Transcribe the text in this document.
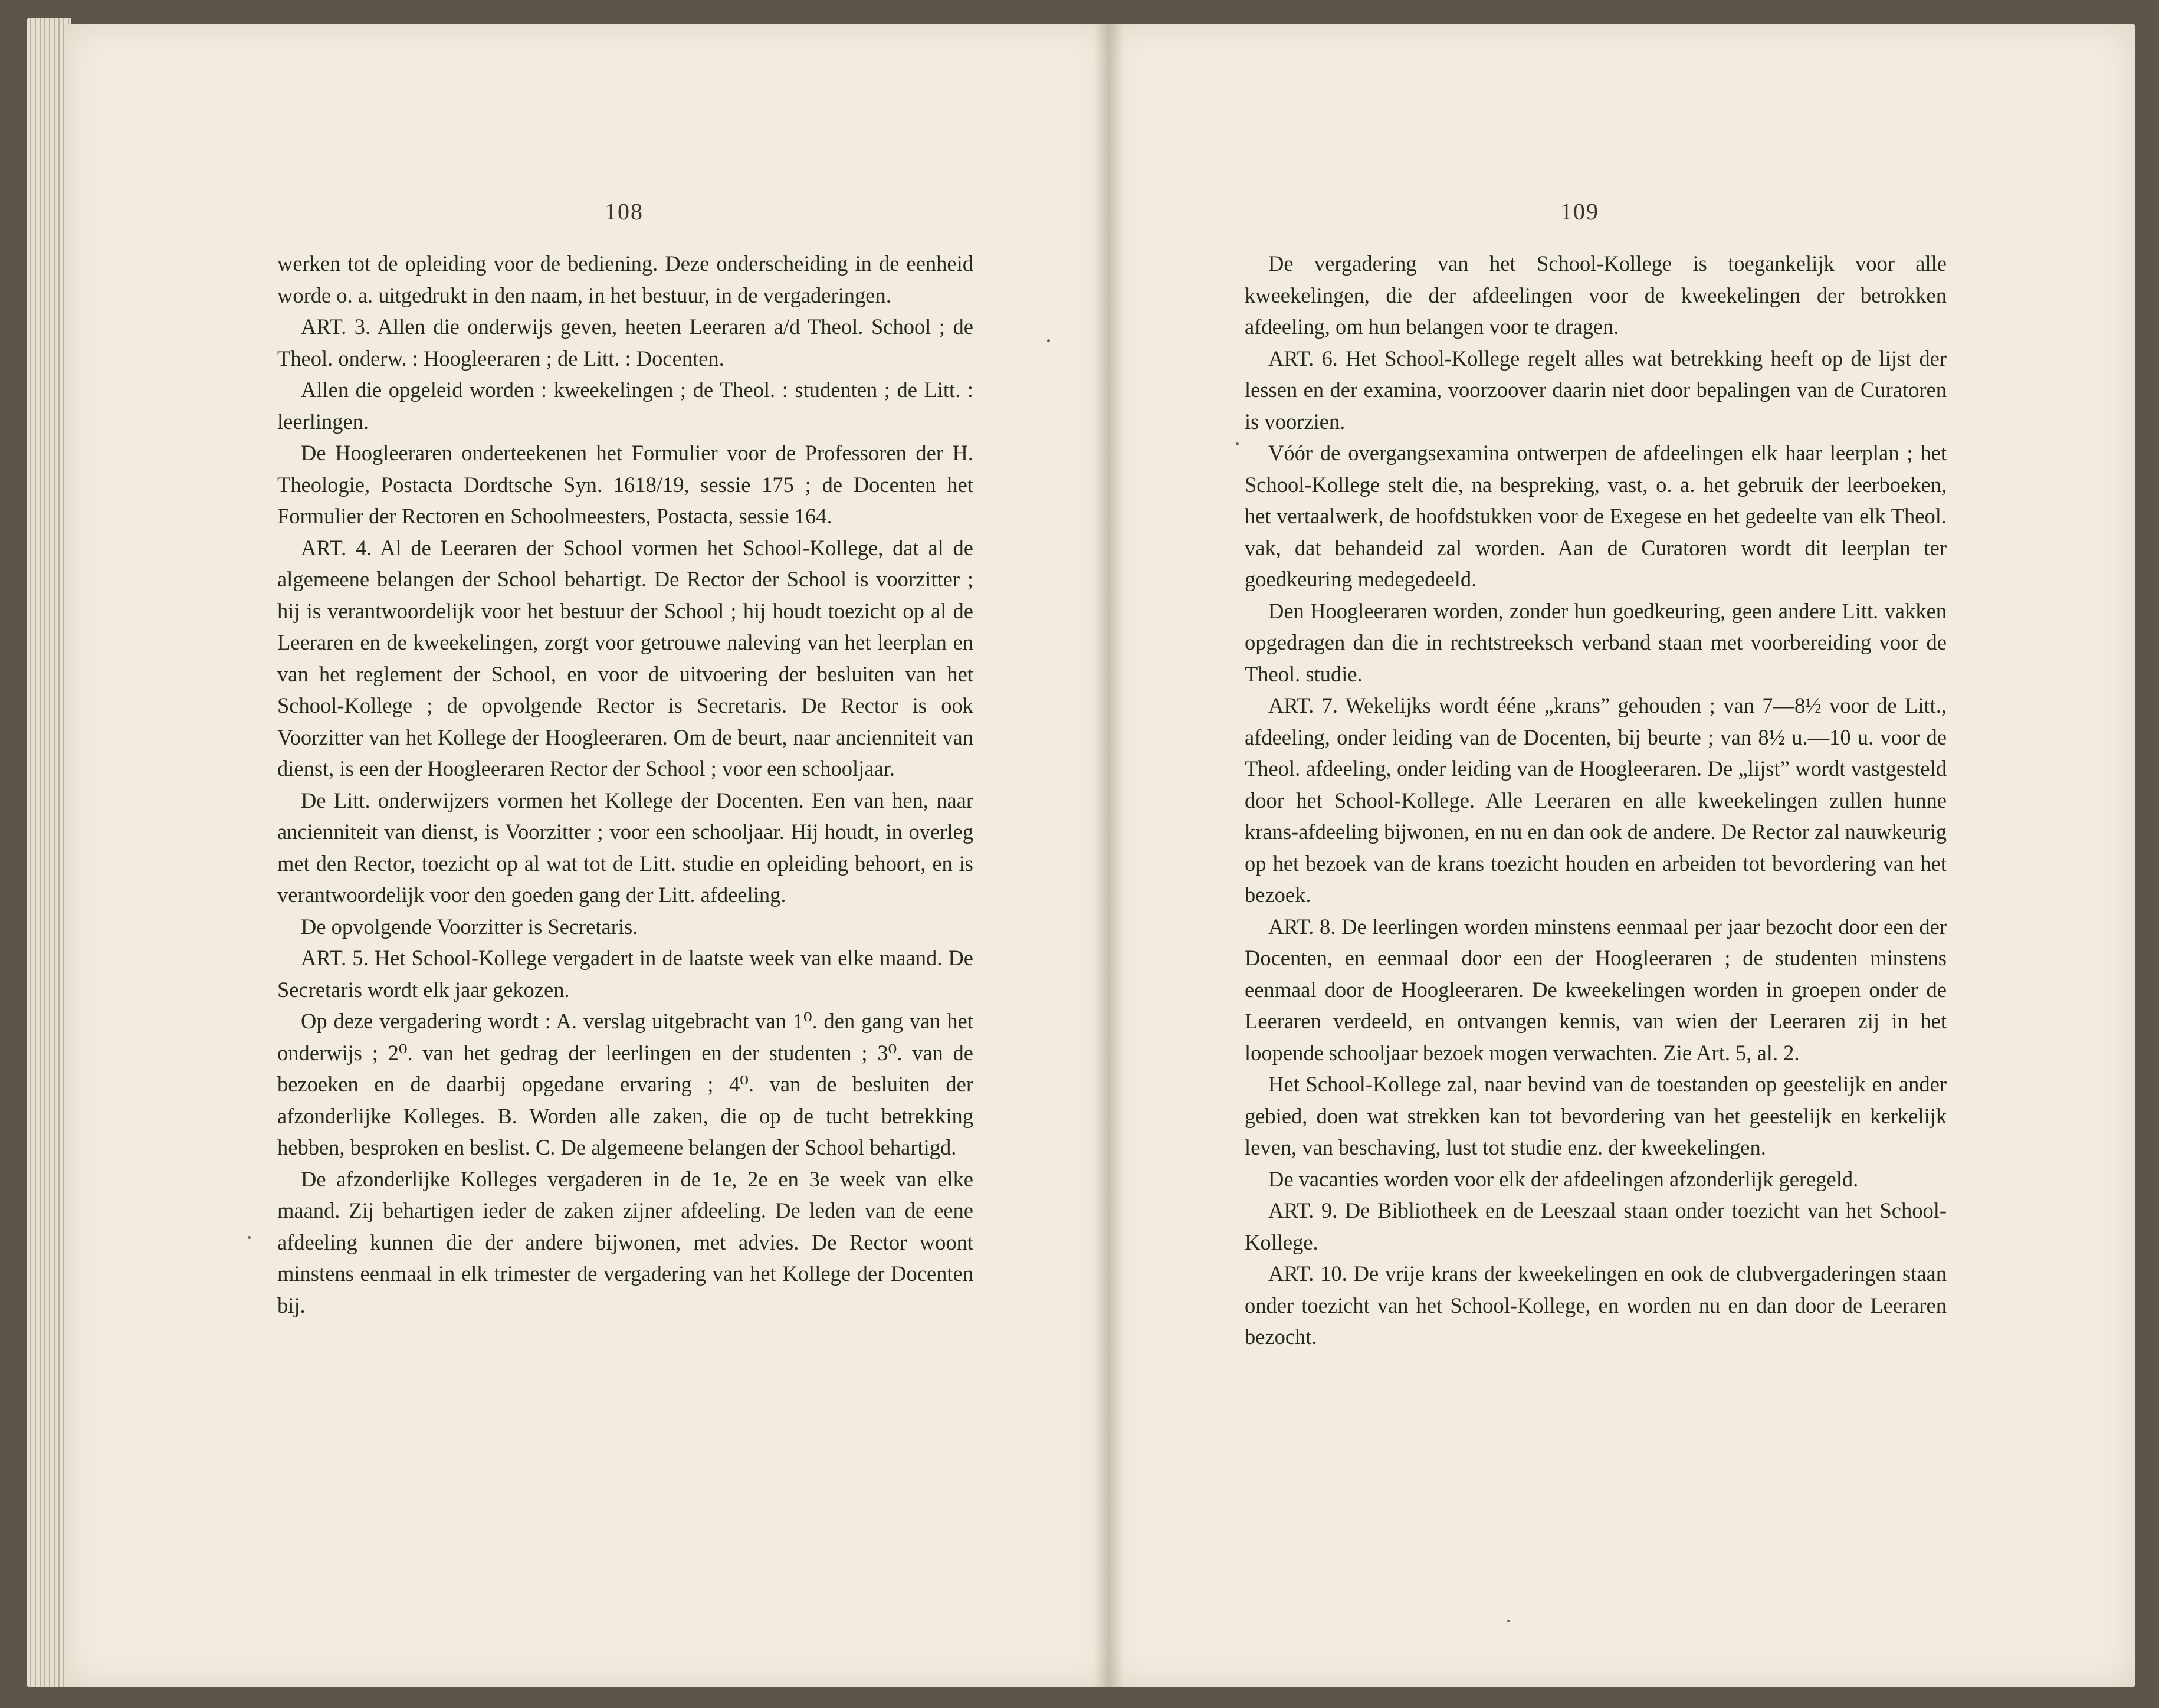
108	109

werken tot de opleiding voor de bediening. Deze onderscheiding in de eenheid worde o. a. uitgedrukt in den naam, in het bestuur, in de vergaderingen.

ART. 3. Allen die onderwijs geven, heeten Leeraren a/d Theol. School ; de Theol. onderw. : Hoogleeraren ; de Litt. : Docenten.

Allen die opgeleid worden : kweekelingen ; de Theol. : studenten ; de Litt. : leerlingen.

De Hoogleeraren onderteekenen het Formulier voor de Professoren der H. Theologie, Postacta Dordtsche Syn. 1618/19, sessie 175 ; de Docenten het Formulier der Rectoren en Schoolmeesters, Postacta, sessie 164.

ART. 4. Al de Leeraren der School vormen het School-Kollege, dat al de algemeene belangen der School behartigt. De Rector der School is voorzitter ; hij is verantwoordelijk voor het bestuur der School ; hij houdt toezicht op al de Leeraren en de kweekelingen, zorgt voor getrouwe naleving van het leerplan en van het reglement der School, en voor de uitvoering der besluiten van het School-Kollege ; de opvolgende Rector is Secretaris. De Rector is ook Voorzitter van het Kollege der Hoogleeraren. Om de beurt, naar ancienniteit van dienst, is een der Hoogleeraren Rector der School ; voor een schooljaar.

De Litt. onderwijzers vormen het Kollege der Docenten. Een van hen, naar ancienniteit van dienst, is Voorzitter ; voor een schooljaar. Hij houdt, in overleg met den Rector, toezicht op al wat tot de Litt. studie en opleiding behoort, en is verantwoordelijk voor den goeden gang der Litt. afdeeling.

De opvolgende Voorzitter is Secretaris.

ART. 5. Het School-Kollege vergadert in de laatste week van elke maand. De Secretaris wordt elk jaar gekozen.

Op deze vergadering wordt : A. verslag uitgebracht van 1⁰. den gang van het onderwijs ; 2⁰. van het gedrag der leerlingen en der studenten ; 3⁰. van de bezoeken en de daarbij opgedane ervaring ; 4⁰. van de besluiten der afzonderlijke Kolleges. B. Worden alle zaken, die op de tucht betrekking hebben, besproken en beslist. C. De algemeene belangen der School behartigd.

De afzonderlijke Kolleges vergaderen in de 1e, 2e en 3e week van elke maand. Zij behartigen ieder de zaken zijner afdeeling. De leden van de eene afdeeling kunnen die der andere bijwonen, met advies. De Rector woont minstens eenmaal in elk trimester de vergadering van het Kollege der Docenten bij.

De vergadering van het School-Kollege is toegankelijk voor alle kweekelingen, die der afdeelingen voor de kweekelingen der betrokken afdeeling, om hun belangen voor te dragen.

ART. 6. Het School-Kollege regelt alles wat betrekking heeft op de lijst der lessen en der examina, voorzoover daarin niet door bepalingen van de Curatoren is voorzien.

Vóór de overgangsexamina ontwerpen de afdeelingen elk haar leerplan ; het School-Kollege stelt die, na bespreking, vast, o. a. het gebruik der leerboeken, het vertaalwerk, de hoofdstukken voor de Exegese en het gedeelte van elk Theol. vak, dat behandeid zal worden. Aan de Curatoren wordt dit leerplan ter goedkeuring medegedeeld.

Den Hoogleeraren worden, zonder hun goedkeuring, geen andere Litt. vakken opgedragen dan die in rechtstreeksch verband staan met voorbereiding voor de Theol. studie.

ART. 7. Wekelijks wordt ééne „krans” gehouden ; van 7—8½ voor de Litt., afdeeling, onder leiding van de Docenten, bij beurte ; van 8½ u.—10 u. voor de Theol. afdeeling, onder leiding van de Hoogleeraren. De „lijst” wordt vastgesteld door het School-Kollege. Alle Leeraren en alle kweekelingen zullen hunne krans-afdeeling bijwonen, en nu en dan ook de andere. De Rector zal nauwkeurig op het bezoek van de krans toezicht houden en arbeiden tot bevordering van het bezoek.

ART. 8. De leerlingen worden minstens eenmaal per jaar bezocht door een der Docenten, en eenmaal door een der Hoogleeraren ; de studenten minstens eenmaal door de Hoogleeraren. De kweekelingen worden in groepen onder de Leeraren verdeeld, en ontvangen kennis, van wien der Leeraren zij in het loopende schooljaar bezoek mogen verwachten. Zie Art. 5, al. 2.

Het School-Kollege zal, naar bevind van de toestanden op geestelijk en ander gebied, doen wat strekken kan tot bevordering van het geestelijk en kerkelijk leven, van beschaving, lust tot studie enz. der kweekelingen.

De vacanties worden voor elk der afdeelingen afzonderlijk geregeld.

ART. 9. De Bibliotheek en de Leeszaal staan onder toezicht van het School-Kollege.

ART. 10. De vrije krans der kweekelingen en ook de clubvergaderingen staan onder toezicht van het School-Kollege, en worden nu en dan door de Leeraren bezocht.
